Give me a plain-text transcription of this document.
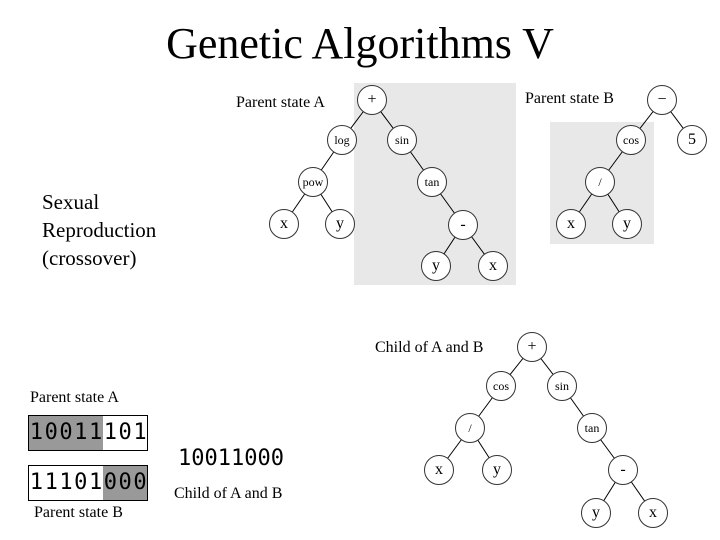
Genetic Algorithms V
Sexual
Reproduction
(crossover)
Parent state A	+
log	sin
pow	tan
x	y	-
y	x
Parent state B	−
cos	5
/
x	y
Child of A and B	+
cos	sin
/	tan
x	y	-
y	x
Parent state A
1 0 0 1 1 1 0 1
1 1 1 0 1 0 0 0
Parent state B
10011000
Child of A and B
